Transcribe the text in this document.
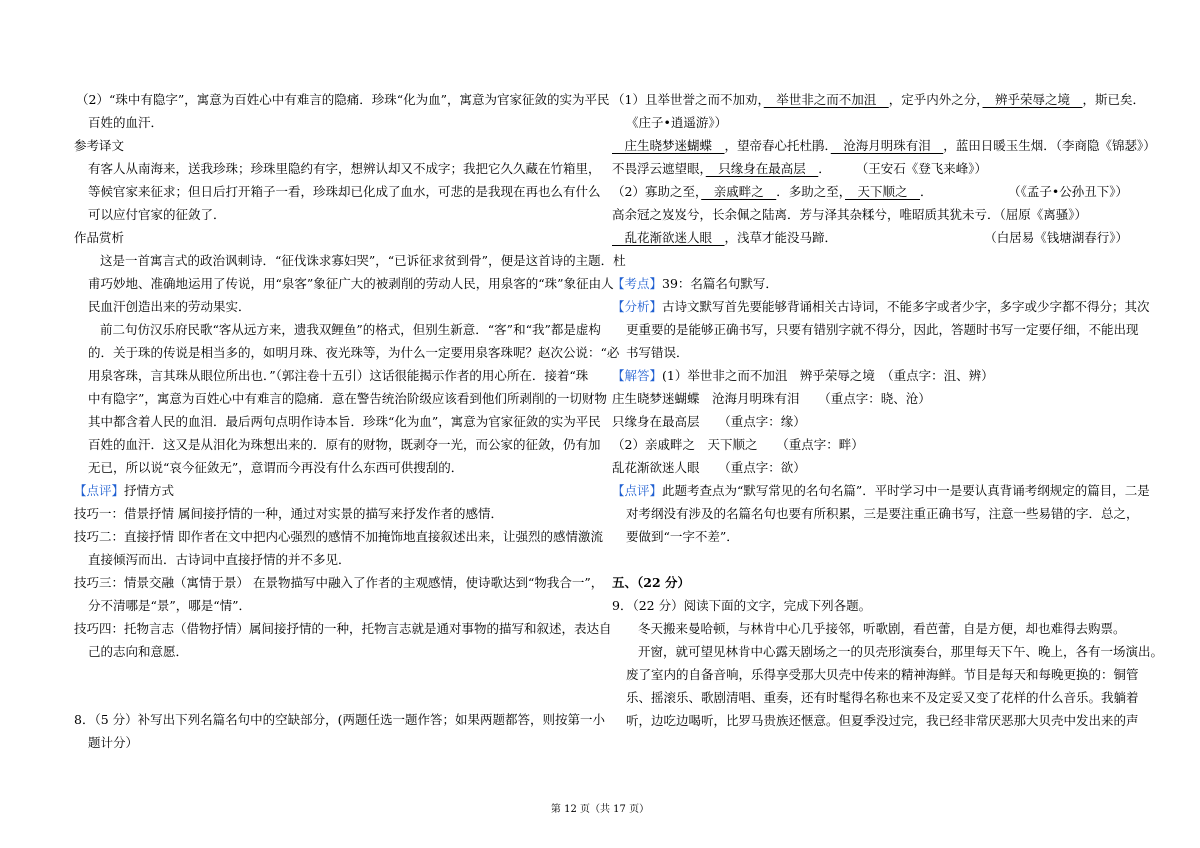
（2）“珠中有隐字”，寓意为百姓心中有难言的隐痛．珍珠“化为血”，寓意为官家征敛的实为平民
百姓的血汗．
参考译文
有客人从南海来，送我珍珠；珍珠里隐约有字，想辨认却又不成字；我把它久久藏在竹箱里，
等候官家来征求；但日后打开箱子一看，珍珠却已化成了血水，可悲的是我现在再也么有什么
可以应付官家的征敛了．
作品赏析
这是一首寓言式的政治讽刺诗．“征伐诛求寡妇哭”，“已诉征求贫到骨”，便是这首诗的主题．杜
甫巧妙地、准确地运用了传说，用“泉客”象征广大的被剥削的劳动人民，用泉客的“珠”象征由人
民血汗创造出来的劳动果实．
前二句仿汉乐府民歌“客从远方来，遗我双鲤鱼”的格式，但别生新意．“客”和“我”都是虚构
的．关于珠的传说是相当多的，如明月珠、夜光珠等，为什么一定要用泉客珠呢？赵次公说：“必
用泉客珠，言其珠从眼位所出也．”（郭注卷十五引）这话很能揭示作者的用心所在．接着“珠
中有隐字”，寓意为百姓心中有难言的隐痛．意在警告统治阶级应该看到他们所剥削的一切财物
其中都含着人民的血泪．最后两句点明作诗本旨．珍珠“化为血”，寓意为官家征敛的实为平民
百姓的血汗．这又是从泪化为珠想出来的．原有的财物，既剥夺一光，而公家的征敛，仍有加
无已，所以说“哀今征敛无”，意谓而今再没有什么东西可供搜刮的．
【点评】抒情方式
技巧一：借景抒情 属间接抒情的一种，通过对实景的描写来抒发作者的感情．
技巧二：直接抒情 即作者在文中把内心强烈的感情不加掩饰地直接叙述出来，让强烈的感情激流
直接倾泻而出．古诗词中直接抒情的并不多见．
技巧三：情景交融（寓情于景） 在景物描写中融入了作者的主观感情，使诗歌达到“物我合一”，
分不清哪是“景”，哪是“情”．
技巧四：托物言志（借物抒情）属间接抒情的一种，托物言志就是通对事物的描写和叙述，表达自
己的志向和意愿．
8．（5 分）补写出下列名篇名句中的空缺部分，(两题任选一题作答；如果两题都答，则按第一小
题计分）
（1）且举世誉之而不加劝，　举世非之而不加沮　，定乎内外之分，　辨乎荣辱之境　，斯已矣．
《庄子•逍遥游》）
　庄生晓梦迷蝴蝶　，望帝春心托杜鹃．　沧海月明珠有泪　，蓝田日暖玉生烟．（李商隐《锦瑟》）
不畏浮云遮望眼，　只缘身在最高层　．　　　（王安石《登飞来峰》）
（2）寡助之至，　亲戚畔之　．多助之至，　天下顺之　．	（《孟子•公孙丑下》）
高余冠之岌岌兮，长余佩之陆离．芳与泽其杂糅兮，唯昭质其犹未亏．（屈原《离骚》）
　乱花渐欲迷人眼　，浅草才能没马蹄．	（白居易《钱塘湖春行》）
【考点】39：名篇名句默写．
【分析】古诗文默写首先要能够背诵相关古诗词，不能多字或者少字，多字或少字都不得分；其次
更重要的是能够正确书写，只要有错别字就不得分，因此，答题时书写一定要仔细，不能出现
书写错误．
【解答】(1）举世非之而不加沮　辨乎荣辱之境　（重点字：沮、辨）
庄生晓梦迷蝴蝶　沧海月明珠有泪　　（重点字：晓、沧）
只缘身在最高层　　（重点字：缘）
（2）亲戚畔之　天下顺之　　（重点字：畔）
乱花渐欲迷人眼　　（重点字：欲）
【点评】此题考查点为“默写常见的名句名篇”．平时学习中一是要认真背诵考纲规定的篇目，二是
对考纲没有涉及的名篇名句也要有所积累，三是要注重正确书写，注意一些易错的字．总之，
要做到“一字不差”．
五、（22 分）
9．（22 分）阅读下面的文字，完成下列各题。
冬天搬来曼哈顿，与林肯中心几乎接邻，听歌剧，看芭蕾，自是方便，却也难得去购票。
开窗，就可望见林肯中心露天剧场之一的贝壳形演奏台，那里每天下午、晚上，各有一场演出。
废了室内的自备音响，乐得享受那大贝壳中传来的精神海鲜。节目是每天和每晚更换的：铜管
乐、摇滚乐、歌剧清唱、重奏，还有时髦得名称也来不及定妥又变了花样的什么音乐。我躺着
听，边吃边喝听，比罗马贵族还惬意。但夏季没过完，我已经非常厌恶那大贝壳中发出来的声
第 12 页（共 17 页）
